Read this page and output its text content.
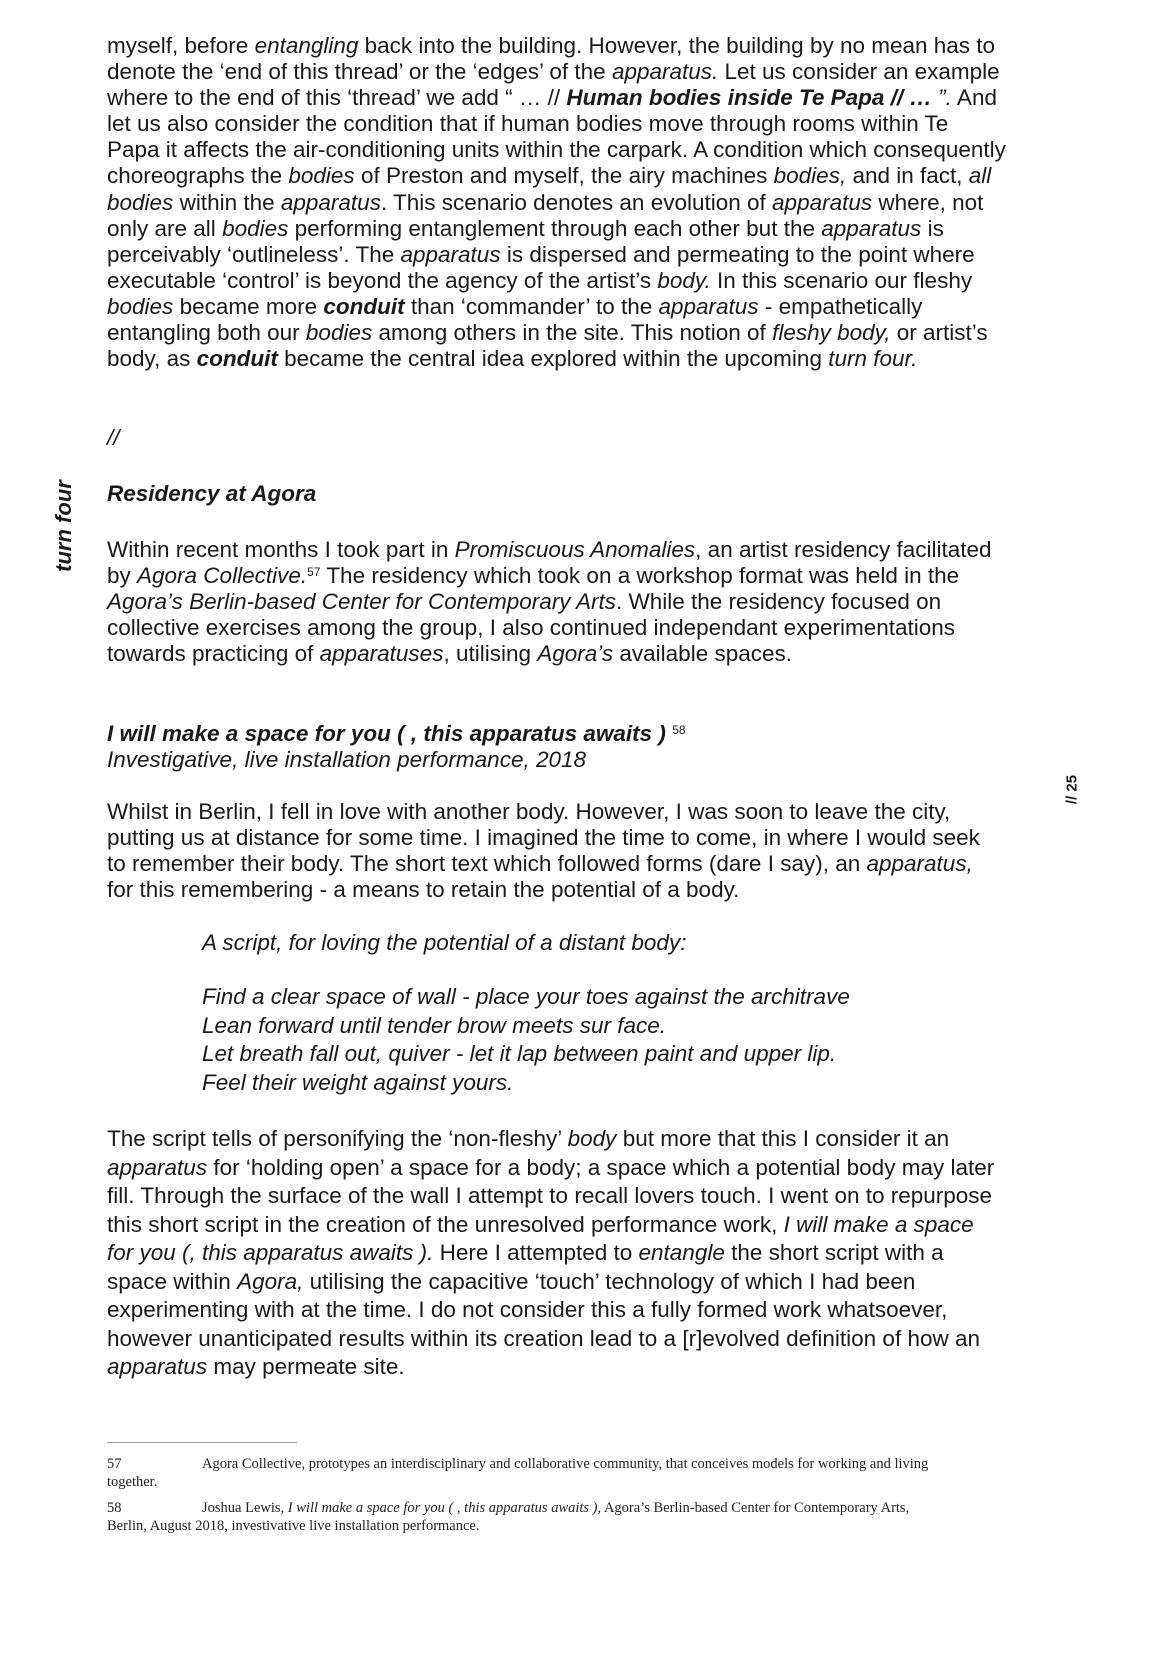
turn four
// 25

myself, before entangling back into the building. However, the building by no mean has to denote the ‘end of this thread’ or the ‘edges’ of the apparatus. Let us consider an example where to the end of this ‘thread’ we add “ … // Human bodies inside Te Papa // … ”. And let us also consider the condition that if human bodies move through rooms within Te Papa it affects the air-conditioning units within the carpark. A condition which consequently choreographs the bodies of Preston and myself, the airy machines bodies, and in fact, all bodies within the apparatus. This scenario denotes an evolution of apparatus where, not only are all bodies performing entanglement through each other but the apparatus is perceivably ‘outlineless’. The apparatus is dispersed and permeating to the point where executable ‘control’ is beyond the agency of the artist’s body. In this scenario our fleshy bodies became more conduit than ‘commander’ to the apparatus - empathetically entangling both our bodies among others in the site. This notion of fleshy body, or artist’s body, as conduit became the central idea explored within the upcoming turn four.

//
Residency at Agora

Within recent months I took part in Promiscuous Anomalies, an artist residency facilitated by Agora Collective.$^{57}$ The residency which took on a workshop format was held in the Agora’s Berlin-based Center for Contemporary Arts. While the residency focused on collective exercises among the group, I also continued independant experimentations towards practicing of apparatuses, utilising Agora’s available spaces.

I will make a space for you ( , this apparatus awaits ) $^{58}$
Investigative, live installation performance, 2018

Whilst in Berlin, I fell in love with another body. However, I was soon to leave the city, putting us at distance for some time. I imagined the time to come, in where I would seek to remember their body. The short text which followed forms (dare I say), an apparatus, for this remembering - a means to retain the potential of a body.

A script, for loving the potential of a distant body:
Find a clear space of wall - place your toes against the architrave
Lean forward until tender brow meets sur face.
Let breath fall out, quiver - let it lap between paint and upper lip.
Feel their weight against yours.

The script tells of personifying the ‘non-fleshy’ body but more that this I consider it an apparatus for ‘holding open’ a space for a body; a space which a potential body may later fill. Through the surface of the wall I attempt to recall lovers touch. I went on to repurpose this short script in the creation of the unresolved performance work, I will make a space for you (, this apparatus awaits ). Here I attempted to entangle the short script with a space within Agora, utilising the capacitive ‘touch’ technology of which I had been experimenting with at the time. I do not consider this a fully formed work whatsoever, however unanticipated results within its creation lead to a [r]evolved definition of how an apparatus may permeate site.

57	Agora Collective, prototypes an interdisciplinary and collaborative community, that conceives models for working and living together.
58	Joshua Lewis, I will make a space for you ( , this apparatus awaits ), Agora’s Berlin-based Center for Contemporary Arts, Berlin, August 2018, investivative live installation performance.
